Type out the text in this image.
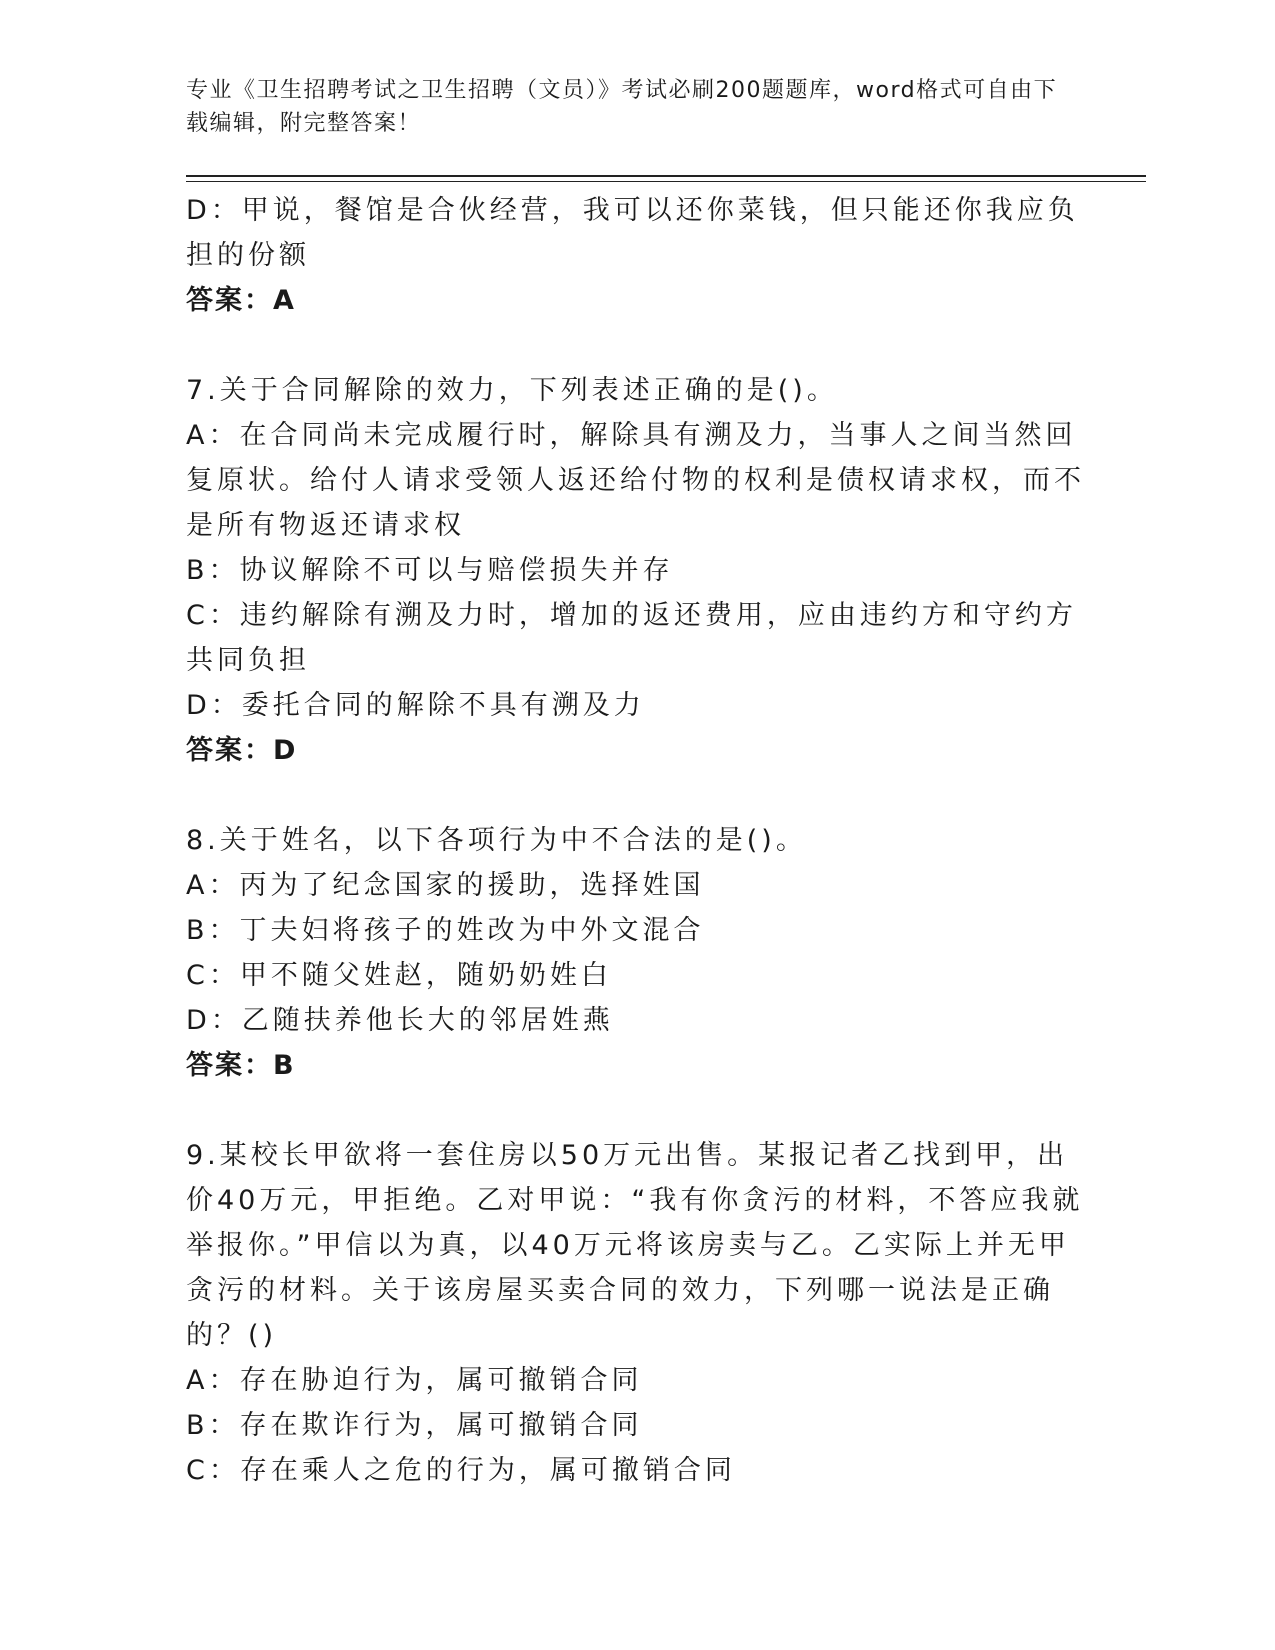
专业《卫生招聘考试之卫生招聘（文员）》考试必刷200题题库，word格式可自由下载编辑，附完整答案！

D：甲说，餐馆是合伙经营，我可以还你菜钱，但只能还你我应负担的份额

答案：A

7.关于合同解除的效力，下列表述正确的是()。

A：在合同尚未完成履行时，解除具有溯及力，当事人之间当然回复原状。给付人请求受领人返还给付物的权利是债权请求权，而不是所有物返还请求权

B：协议解除不可以与赔偿损失并存

C：违约解除有溯及力时，增加的返还费用，应由违约方和守约方共同负担

D：委托合同的解除不具有溯及力

答案：D

8.关于姓名，以下各项行为中不合法的是()。

A：丙为了纪念国家的援助，选择姓国

B：丁夫妇将孩子的姓改为中外文混合

C：甲不随父姓赵，随奶奶姓白

D：乙随扶养他长大的邻居姓燕

答案：B

9.某校长甲欲将一套住房以50万元出售。某报记者乙找到甲，出价40万元，甲拒绝。乙对甲说：“我有你贪污的材料，不答应我就举报你。”甲信以为真，以40万元将该房卖与乙。乙实际上并无甲贪污的材料。关于该房屋买卖合同的效力，下列哪一说法是正确的？()

A：存在胁迫行为，属可撤销合同

B：存在欺诈行为，属可撤销合同

C：存在乘人之危的行为，属可撤销合同
